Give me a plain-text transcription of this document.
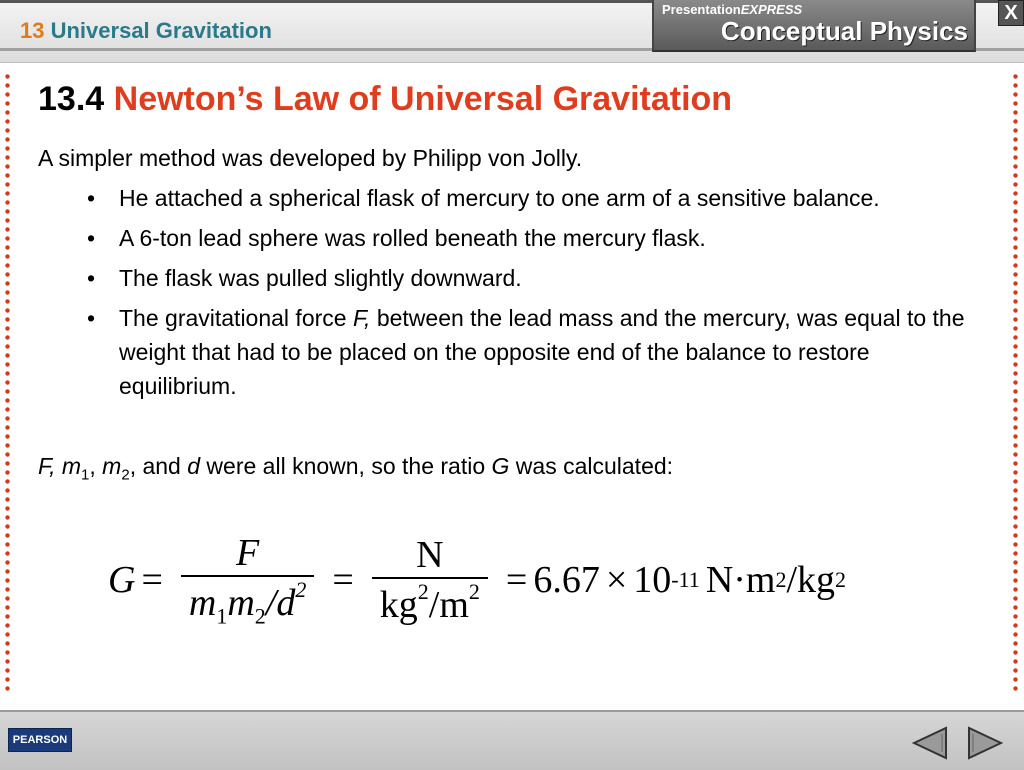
13 Universal Gravitation
PresentationEXPRESS
Conceptual Physics
X
13.4 Newton’s Law of Universal Gravitation
A simpler method was developed by Philipp von Jolly.
• He attached a spherical flask of mercury to one arm of a sensitive balance.
• A 6-ton lead sphere was rolled beneath the mercury flask.
• The flask was pulled slightly downward.
• The gravitational force F, between the lead mass and the mercury, was equal to the weight that had to be placed on the opposite end of the balance to restore equilibrium.
F, $m_1$, $m_2$, and d were all known, so the ratio G was calculated:
$G = \frac{F}{m_1m_2/d^2} = \frac{N}{kg^2/m^2} = 6.67 \times 10$ -11 N·m 2 /kg 2
PEARSON
